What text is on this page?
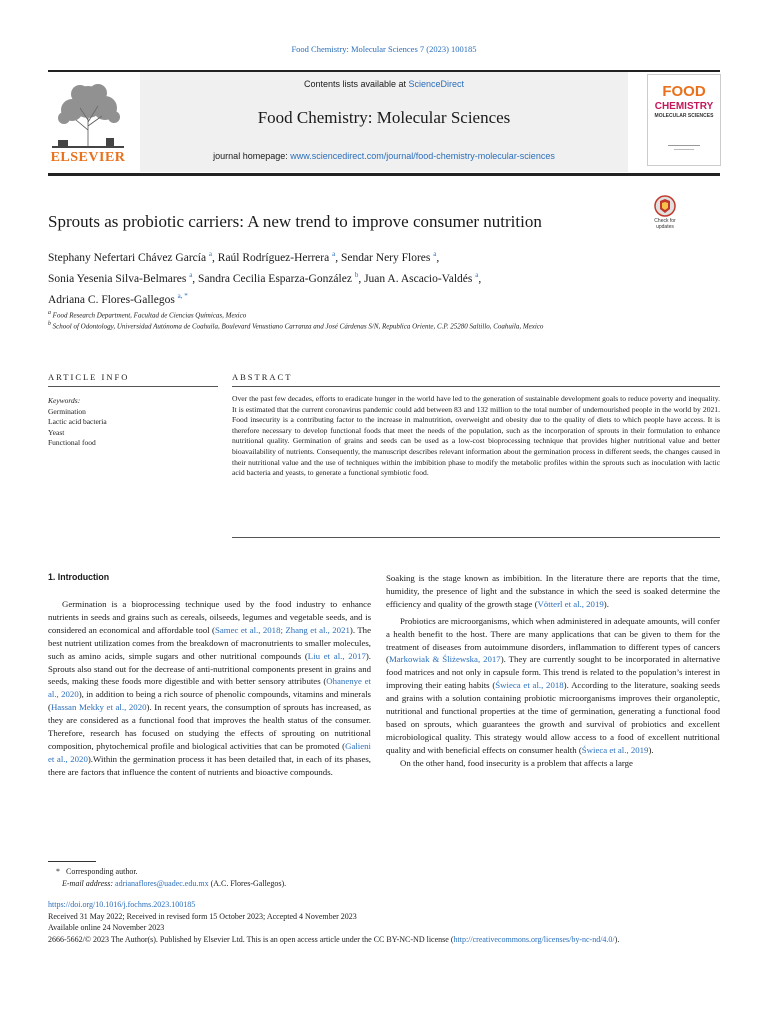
Food Chemistry: Molecular Sciences 7 (2023) 100185
ELSEVIER
Contents lists available at ScienceDirect
Food Chemistry: Molecular Sciences
journal homepage: www.sciencedirect.com/journal/food-chemistry-molecular-sciences
FOOD
CHEMISTRY
MOLECULAR SCIENCES
Sprouts as probiotic carriers: A new trend to improve consumer nutrition	Check for
updates
Stephany Nefertari Chávez García $^a$, Raúl Rodríguez-Herrera $^a$, Sendar Nery Flores $^a$,
Sonia Yesenia Silva-Belmares $^a$, Sandra Cecilia Esparza-González $^b$, Juan A. Ascacio-Valdés $^a$,
Adriana C. Flores-Gallegos $^{a, *}$
$^a$ Food Research Department, Facultad de Ciencias Químicas, Mexico
$^b$ School of Odontology, Universidad Autónoma de Coahuila, Boulevard Venustiano Carranza and José Cárdenas S/N, Republica Oriente, C.P. 25280 Saltillo, Coahuila, Mexico
ARTICLE INFO	ABSTRACT
Keywords:
Germination
Lactic acid bacteria
Yeast
Functional food
Over the past few decades, efforts to eradicate hunger in the world have led to the generation of sustainable development goals to reduce poverty and inequality. It is estimated that the current coronavirus pandemic could add between 83 and 132 million to the total number of undernourished people in the world by 2021. Food insecurity is a contributing factor to the increase in malnutrition, overweight and obesity due to the quality of diets to which people have access. It is therefore necessary to develop functional foods that meet the needs of the population, such as the incorporation of sprouts in their formulation to enhance nutritional quality. Germination of grains and seeds can be used as a low-cost bioprocessing technique that provides higher nutritional value and better bioavailability of nutrients. Consequently, the manuscript describes relevant information about the germination process in different seeds, the changes caused in their nutritional value and the use of techniques within the imbibition phase to modify the metabolic profiles within the sprouts such as inoculation with lactic acid bacteria and yeasts, to generate a functional symbiotic food.
1. Introduction

Germination is a bioprocessing technique used by the food industry to enhance nutrients in seeds and grains such as cereals, oilseeds, legumes and vegetable seeds, and is considered an economical and affordable tool (Samec et al., 2018; Zhang et al., 2021). The best nutrient utilization comes from the breakdown of macronutrients to smaller molecules, such as amino acids, simple sugars and other nutritional compounds (Liu et al., 2017). Sprouts also stand out for the decrease of anti-nutritional components present in grains and seeds, making these foods more digestible and with better sensory attributes (Ohanenye et al., 2020), in addition to being a rich source of phenolic compounds, vitamins and minerals (Hassan Mekky et al., 2020). In recent years, the consumption of sprouts has increased, as they are considered as a functional food that improves the health status of the consumer. Therefore, research has focused on studying the effects of sprouting on nutritional composition, phytochemical profile and biological activities that can be promoted (Galieni et al., 2020).Within the germination process it has been detailed that, in each of its phases, there are factors that influence the content of nutrients and bioactive compounds.

Soaking is the stage known as imbibition. In the literature there are reports that the time, humidity, the presence of light and the substance in which the seed is soaked determine the efficiency and quality of the growth stage (Vötterl et al., 2019).

Probiotics are microorganisms, which when administered in adequate amounts, will confer a health benefit to the host. There are many applications that can be given to them for the treatment of diseases from autoimmune disorders, inflammation to different types of cancers (Markowiak & Śliżewska, 2017). They are currently sought to be incorporated in alternative food matrices and not only in capsule form. This trend is related to the population’s interest in improving their eating habits (Świeca et al., 2018). According to the literature, soaking seeds and grains with a solution containing probiotic microorganisms improves their organoleptic, nutritional and functional properties at the time of germination, generating a functional food based on sprouts, which guarantees the growth and survival of probiotics and excellent microbiological quality. This strategy would allow access to a food of excellent nutritional quality and with beneficial effects on consumer health (Świeca et al., 2019).

On the other hand, food insecurity is a problem that affects a large

* Corresponding author.
E-mail address: adrianaflores@uadec.edu.mx (A.C. Flores-Gallegos).
https://doi.org/10.1016/j.fochms.2023.100185
Received 31 May 2022; Received in revised form 15 October 2023; Accepted 4 November 2023
Available online 24 November 2023
2666-5662/© 2023 The Author(s). Published by Elsevier Ltd. This is an open access article under the CC BY-NC-ND license (http://creativecommons.org/licenses/by-nc-nd/4.0/).
